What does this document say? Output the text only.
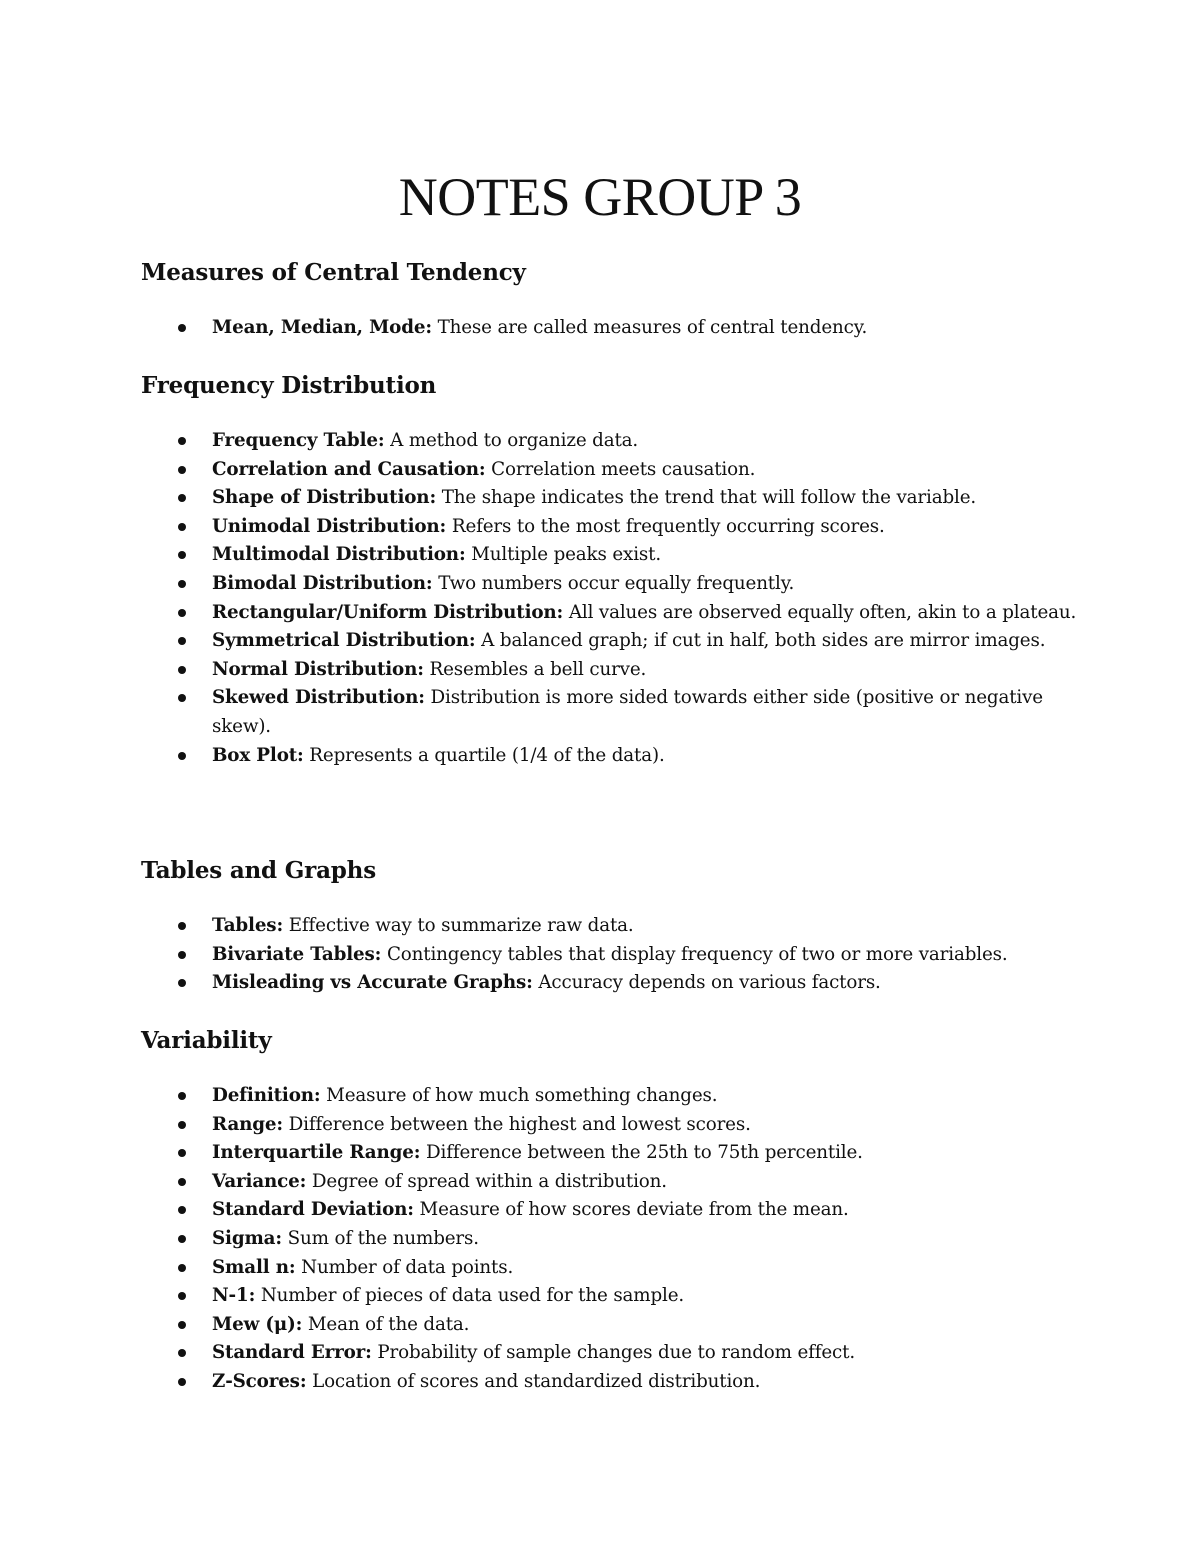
NOTES GROUP 3
Measures of Central Tendency
Mean, Median, Mode: These are called measures of central tendency.
Frequency Distribution
Frequency Table: A method to organize data.
Correlation and Causation: Correlation meets causation.
Shape of Distribution: The shape indicates the trend that will follow the variable.
Unimodal Distribution: Refers to the most frequently occurring scores.
Multimodal Distribution: Multiple peaks exist.
Bimodal Distribution: Two numbers occur equally frequently.
Rectangular/Uniform Distribution: All values are observed equally often, akin to a plateau.
Symmetrical Distribution: A balanced graph; if cut in half, both sides are mirror images.
Normal Distribution: Resembles a bell curve.
Skewed Distribution: Distribution is more sided towards either side (positive or negative skew).
Box Plot: Represents a quartile (1/4 of the data).
Tables and Graphs
Tables: Effective way to summarize raw data.
Bivariate Tables: Contingency tables that display frequency of two or more variables.
Misleading vs Accurate Graphs: Accuracy depends on various factors.
Variability
Definition: Measure of how much something changes.
Range: Difference between the highest and lowest scores.
Interquartile Range: Difference between the 25th to 75th percentile.
Variance: Degree of spread within a distribution.
Standard Deviation: Measure of how scores deviate from the mean.
Sigma: Sum of the numbers.
Small n: Number of data points.
N-1: Number of pieces of data used for the sample.
Mew (μ): Mean of the data.
Standard Error: Probability of sample changes due to random effect.
Z-Scores: Location of scores and standardized distribution.
